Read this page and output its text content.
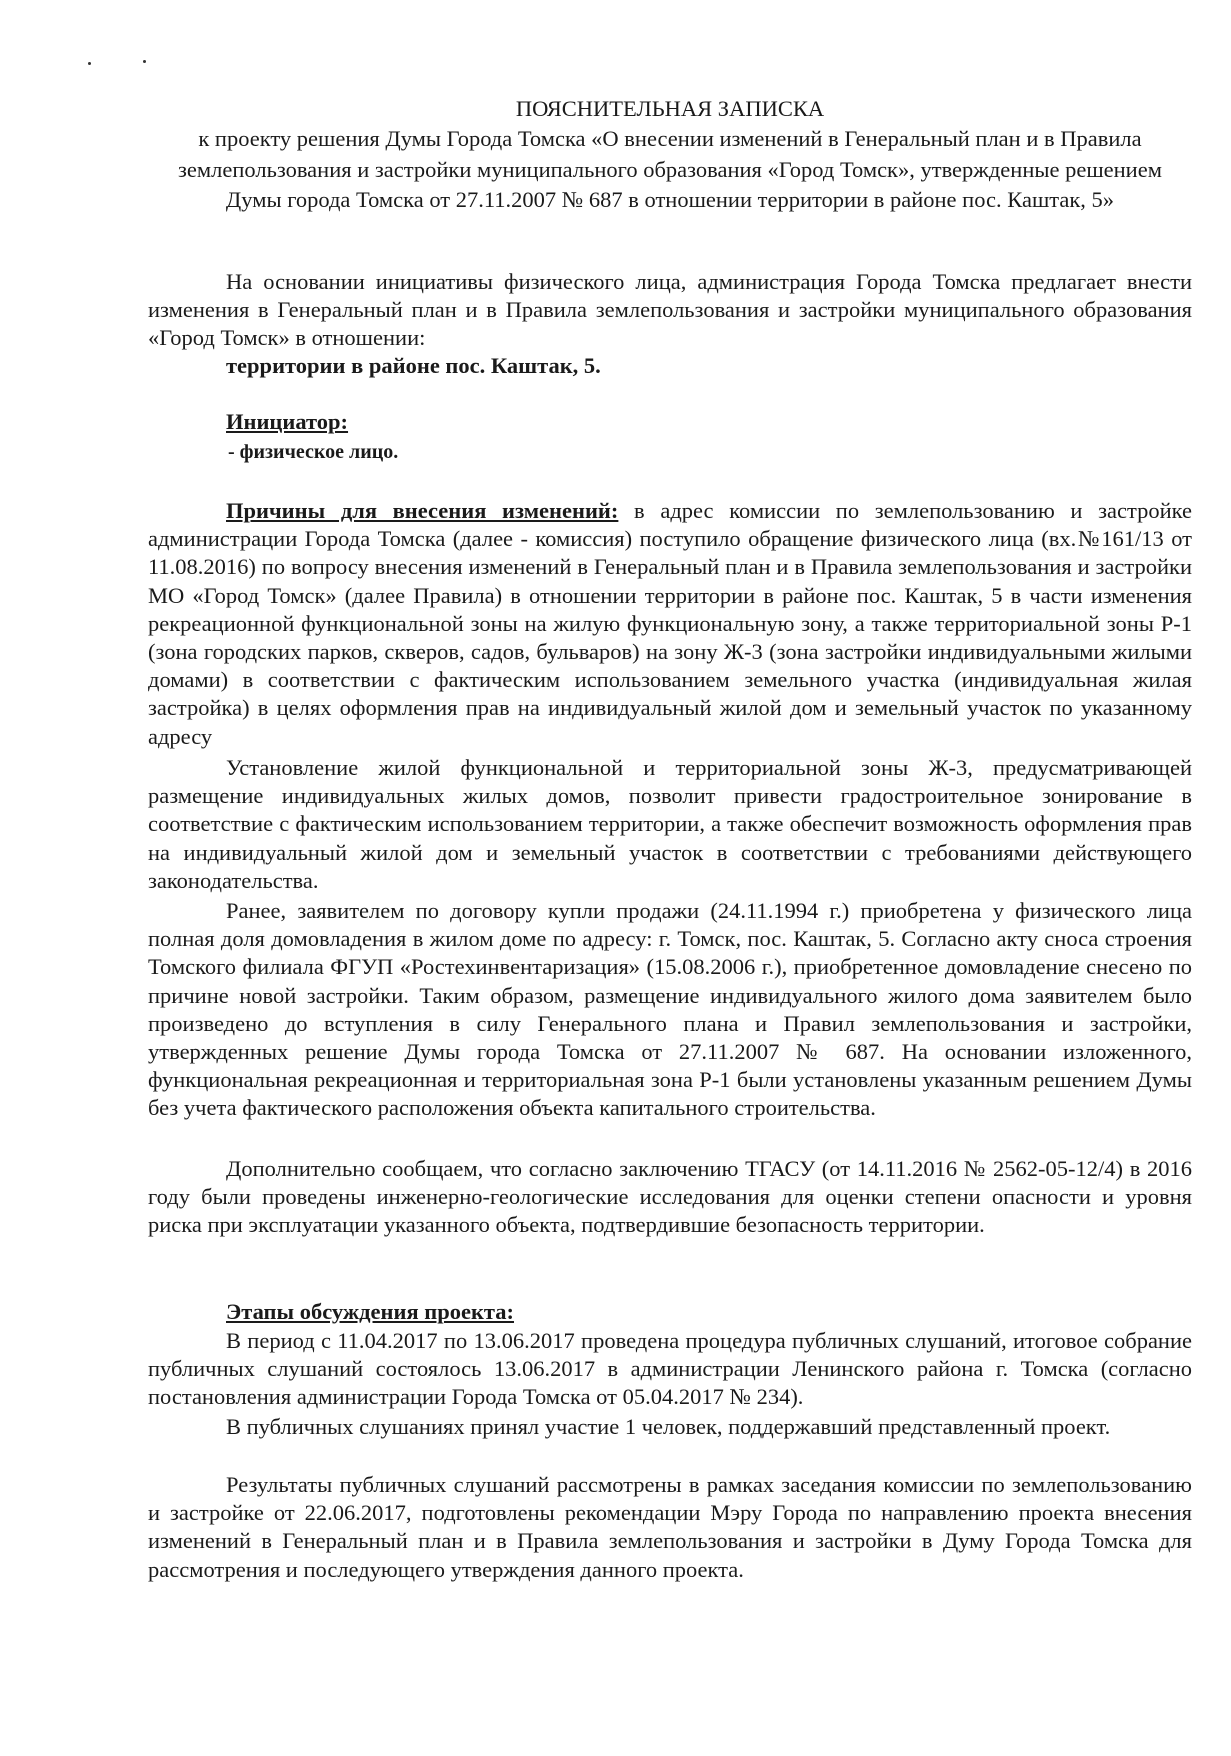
ПОЯСНИТЕЛЬНАЯ ЗАПИСКА

к проекту решения Думы Города Томска «О внесении изменений в Генеральный план и в Правила землепользования и застройки муниципального образования «Город Томск», утвержденные решением Думы города Томска от 27.11.2007 № 687 в отношении территории в районе пос. Каштак, 5»

На основании инициативы физического лица, администрация Города Томска предлагает внести изменения в Генеральный план и в Правила землепользования и застройки муниципального образования «Город Томск» в отношении:

территории в районе пос. Каштак, 5.

Инициатор:

- физическое лицо.

Причины для внесения изменений: в адрес комиссии по землепользованию и застройке администрации Города Томска (далее - комиссия) поступило обращение физического лица (вх.№161/13 от 11.08.2016) по вопросу внесения изменений в Генеральный план и в Правила землепользования и застройки МО «Город Томск» (далее Правила) в отношении территории в районе пос. Каштак, 5 в части изменения рекреационной функциональной зоны на жилую функциональную зону, а также территориальной зоны Р-1 (зона городских парков, скверов, садов, бульваров) на зону Ж-3 (зона застройки индивидуальными жилыми домами) в соответствии с фактическим использованием земельного участка (индивидуальная жилая застройка) в целях оформления прав на индивидуальный жилой дом и земельный участок по указанному адресу

Установление жилой функциональной и территориальной зоны Ж-3, предусматривающей размещение индивидуальных жилых домов, позволит привести градостроительное зонирование в соответствие с фактическим использованием территории, а также обеспечит возможность оформления прав на индивидуальный жилой дом и земельный участок в соответствии с требованиями действующего законодательства.

Ранее, заявителем по договору купли продажи (24.11.1994 г.) приобретена у физического лица полная доля домовладения в жилом доме по адресу: г. Томск, пос. Каштак, 5. Согласно акту сноса строения Томского филиала ФГУП «Ростехинвентаризация» (15.08.2006 г.), приобретенное домовладение снесено по причине новой застройки. Таким образом, размещение индивидуального жилого дома заявителем было произведено до вступления в силу Генерального плана и Правил землепользования и застройки, утвержденных решение Думы города Томска от 27.11.2007 № 687. На основании изложенного, функциональная рекреационная и территориальная зона Р-1 были установлены указанным решением Думы без учета фактического расположения объекта капитального строительства.

Дополнительно сообщаем, что согласно заключению ТГАСУ (от 14.11.2016 № 2562-05-12/4) в 2016 году были проведены инженерно-геологические исследования для оценки степени опасности и уровня риска при эксплуатации указанного объекта, подтвердившие безопасность территории.

Этапы обсуждения проекта:

В период с 11.04.2017 по 13.06.2017 проведена процедура публичных слушаний, итоговое собрание публичных слушаний состоялось 13.06.2017 в администрации Ленинского района г. Томска (согласно постановления администрации Города Томска от 05.04.2017 № 234).

В публичных слушаниях принял участие 1 человек, поддержавший представленный проект.

Результаты публичных слушаний рассмотрены в рамках заседания комиссии по землепользованию и застройке от 22.06.2017, подготовлены рекомендации Мэру Города по направлению проекта внесения изменений в Генеральный план и в Правила землепользования и застройки в Думу Города Томска для рассмотрения и последующего утверждения данного проекта.
